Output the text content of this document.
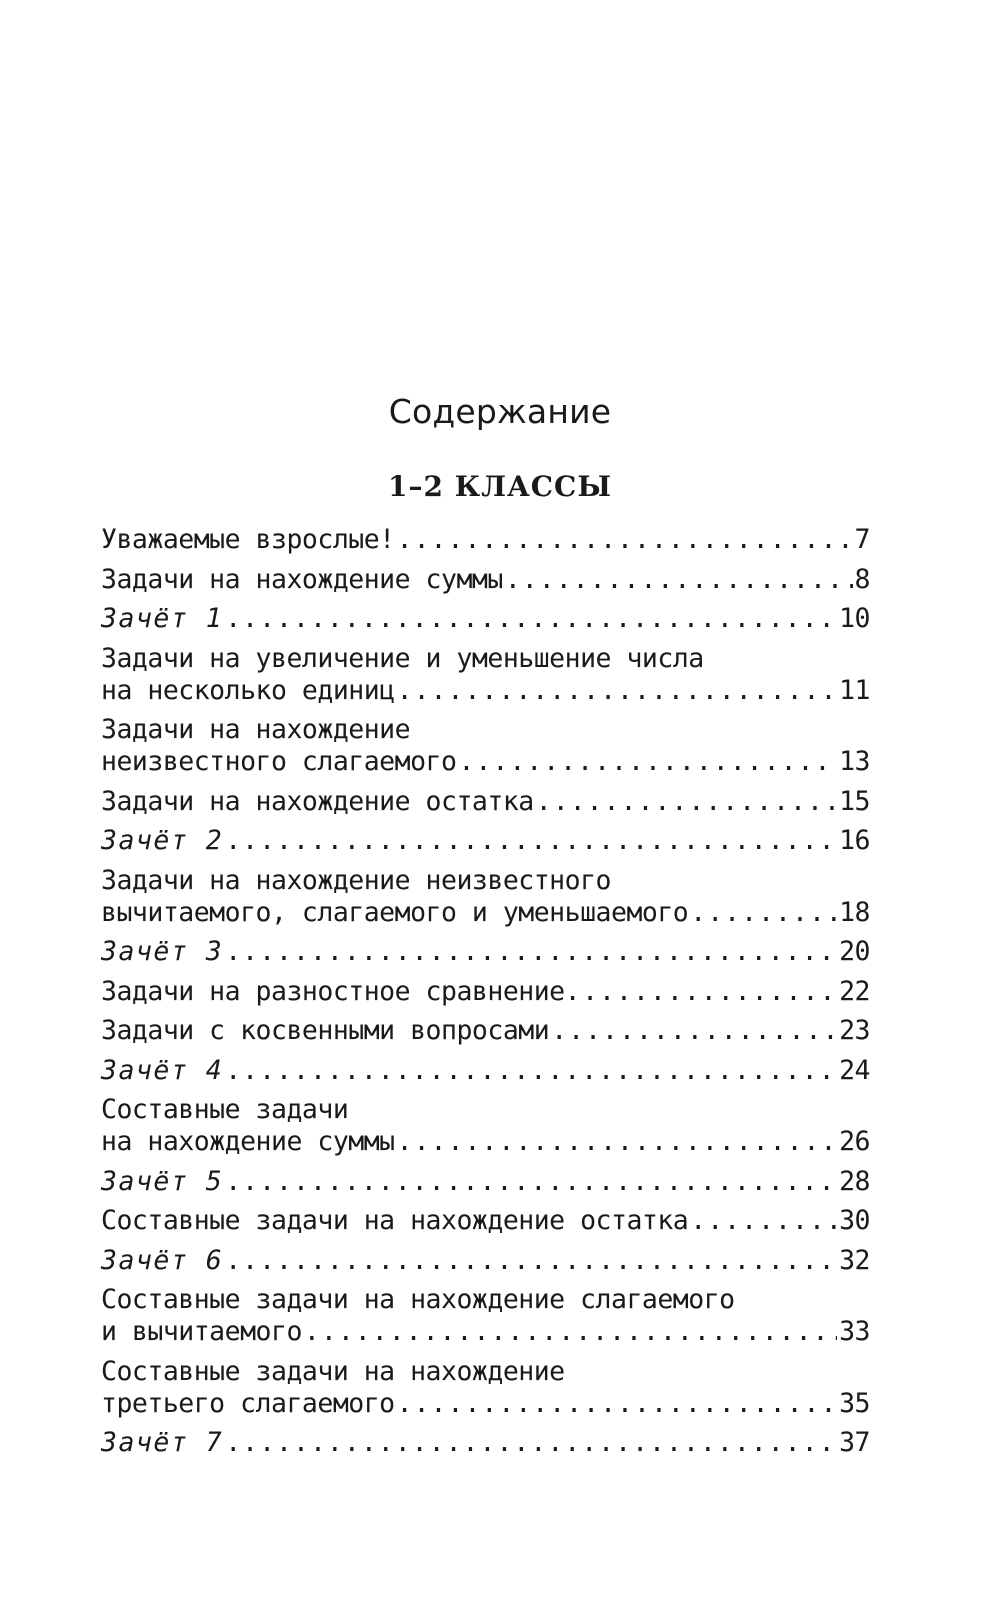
Содержание
1–2 КЛАССЫ
Уважаемые взрослые! .....	7
Задачи на нахождение суммы .....	8
Зачёт 1 .....	10
Задачи на увеличение и уменьшение числа
на несколько единиц .....	11
Задачи на нахождение
неизвестного слагаемого .....	13
Задачи на нахождение остатка .....	15
Зачёт 2 .....	16
Задачи на нахождение неизвестного
вычитаемого, слагаемого и уменьшаемого .....	18
Зачёт 3 .....	20
Задачи на разностное сравнение. .....	22
Задачи с косвенными вопросами .....	23
Зачёт 4 .....	24
Составные задачи
на нахождение суммы .....	26
Зачёт 5 .....	28
Составные задачи на нахождение остатка .....	30
Зачёт 6 .....	32
Составные задачи на нахождение слагаемого
и вычитаемого .....	33
Составные задачи на нахождение
третьего слагаемого .....	35
Зачёт 7 .....	37
